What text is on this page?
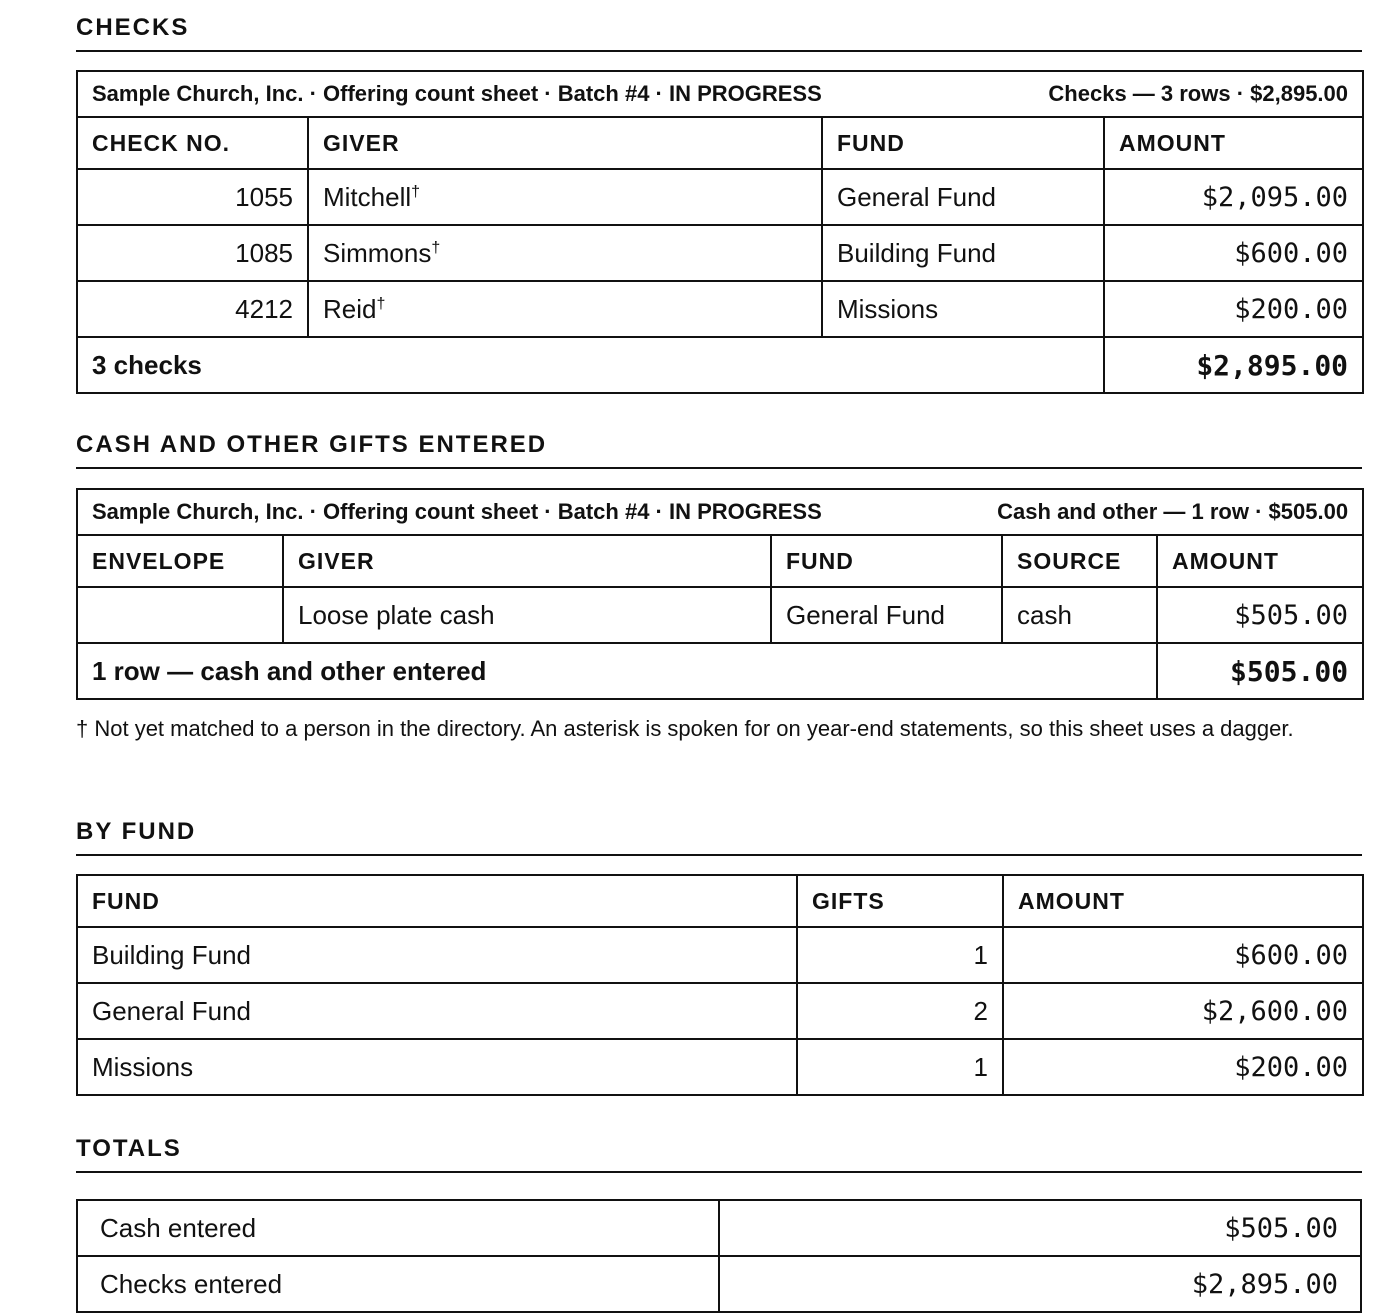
CHECKS
Sample Church, Inc. · Offering count sheet · Batch #4 · IN PROGRESS Checks — 3 rows · $2,895.00			

CHECK NO.	GIVER	FUND	AMOUNT
1055	Mitchell†	General Fund	$2,095.00
1085	Simmons†	Building Fund	$600.00
4212	Reid†	Missions	$200.00
3 checks			$2,895.00
CASH AND OTHER GIFTS ENTERED
Sample Church, Inc. · Offering count sheet · Batch #4 · IN PROGRESS Cash and other — 1 row · $505.00				

ENVELOPE	GIVER	FUND	SOURCE	AMOUNT
	Loose plate cash	General Fund	cash	$505.00
1 row — cash and other entered				$505.00
† Not yet matched to a person in the directory. An asterisk is spoken for on year-end statements, so this sheet uses a dagger.
BY FUND
FUND	GIFTS	AMOUNT
Building Fund	1	$600.00
General Fund	2	$2,600.00
Missions	1	$200.00
TOTALS
Cash entered	$505.00
Checks entered	$2,895.00
